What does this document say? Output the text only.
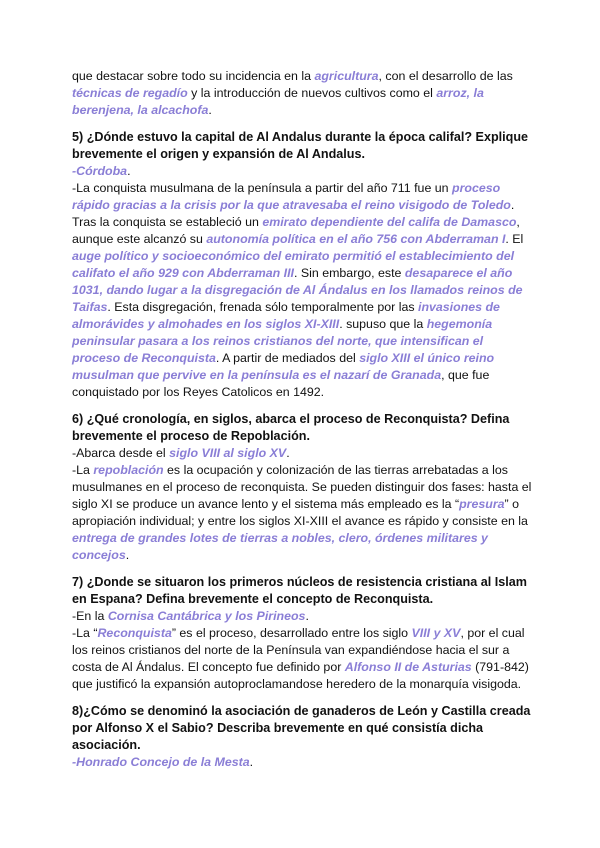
que destacar sobre todo su incidencia en la agricultura, con el desarrollo de las técnicas de regadío y la introducción de nuevos cultivos como el arroz, la berenjena, la alcachofa.

5) ¿Dónde estuvo la capital de Al Andalus durante la época califal? Explique brevemente el origen y expansión de Al Andalus.

-Córdoba.

-La conquista musulmana de la península a partir del año 711 fue un proceso rápido gracias a la crisis por la que atravesaba el reino visigodo de Toledo. Tras la conquista se estableció un emirato dependiente del califa de Damasco, aunque este alcanzó su autonomía política en el año 756 con Abderraman I. El auge político y socioeconómico del emirato permitió el establecimiento del califato el año 929 con Abderraman III. Sin embargo, este desaparece el año 1031, dando lugar a la disgregación de Al Ándalus en los llamados reinos de Taifas. Esta disgregación, frenada sólo temporalmente por las invasiones de almorávides y almohades en los siglos XI-XIII. supuso que la hegemonía peninsular pasara a los reinos cristianos del norte, que intensifican el proceso de Reconquista. A partir de mediados del siglo XIII el único reino musulman que pervive en la península es el nazarí de Granada, que fue conquistado por los Reyes Catolicos en 1492.

6) ¿Qué cronología, en siglos, abarca el proceso de Reconquista? Defina brevemente el proceso de Repoblación.

-Abarca desde el siglo VIII al siglo XV.

-La repoblación es la ocupación y colonización de las tierras arrebatadas a los musulmanes en el proceso de reconquista. Se pueden distinguir dos fases: hasta el siglo XI se produce un avance lento y el sistema más empleado es la “presura” o apropiación individual; y entre los siglos XI-XIII el avance es rápido y consiste en la entrega de grandes lotes de tierras a nobles, clero, órdenes militares y concejos.

7) ¿Donde se situaron los primeros núcleos de resistencia cristiana al Islam en Espana? Defina brevemente el concepto de Reconquista.

-En la Cornisa Cantábrica y los Pirineos.

-La “Reconquista” es el proceso, desarrollado entre los siglo VIII y XV, por el cual los reinos cristianos del norte de la Península van expandiéndose hacia el sur a costa de Al Ándalus. El concepto fue definido por Alfonso II de Asturias (791-842) que justificó la expansión autoproclamandose heredero de la monarquía visigoda.

8)¿Cómo se denominó la asociación de ganaderos de León y Castilla creada por Alfonso X el Sabio? Describa brevemente en qué consistía dicha asociación.

-Honrado Concejo de la Mesta.
